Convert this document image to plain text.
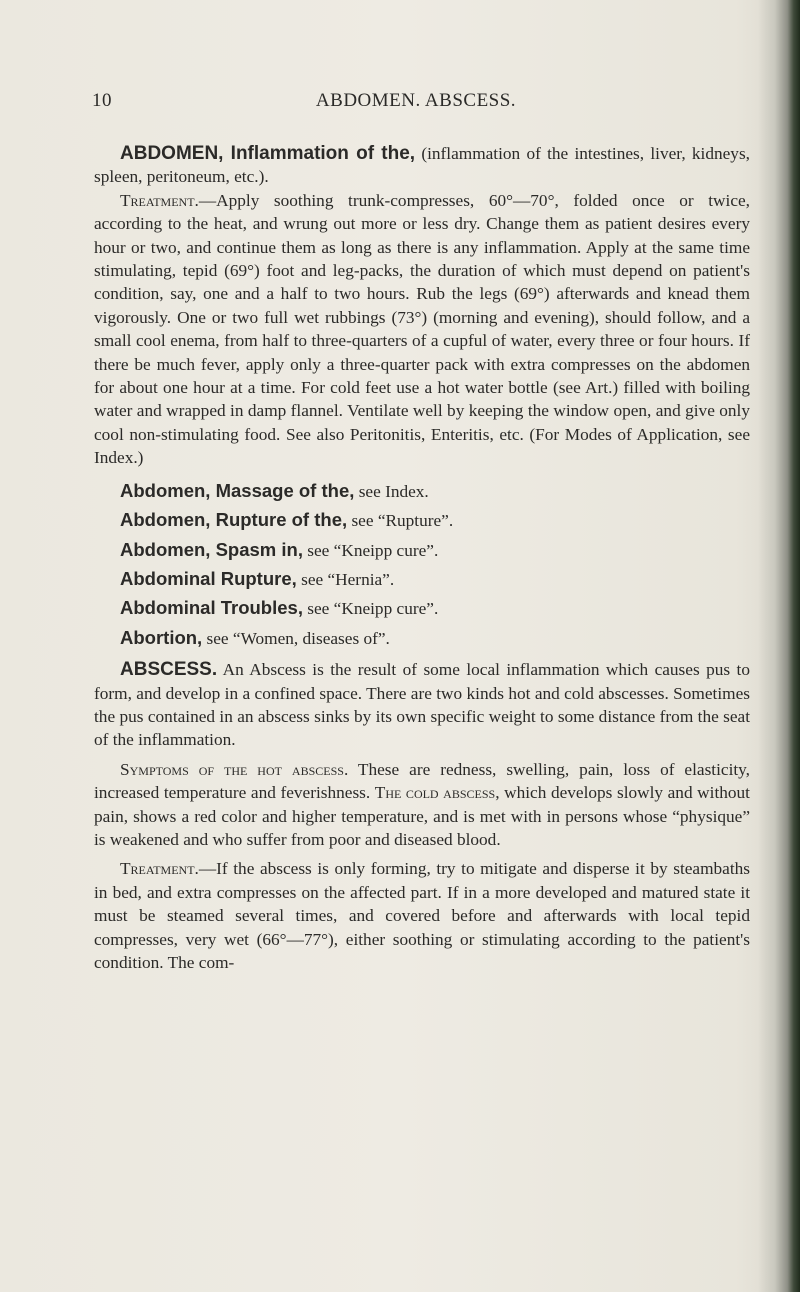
10	ABDOMEN. ABSCESS.

ABDOMEN, Inflammation of the, (inflammation of the intestines, liver, kidneys, spleen, peritoneum, etc.).

Treatment.—Apply soothing trunk-compresses, 60°—70°, folded once or twice, according to the heat, and wrung out more or less dry. Change them as patient desires every hour or two, and continue them as long as there is any inflammation. Apply at the same time stimulating, tepid (69°) foot and leg-packs, the duration of which must depend on patient's condition, say, one and a half to two hours. Rub the legs (69°) afterwards and knead them vigorously. One or two full wet rubbings (73°) (morning and evening), should follow, and a small cool enema, from half to three-quarters of a cupful of water, every three or four hours. If there be much fever, apply only a three-quarter pack with extra compresses on the abdomen for about one hour at a time. For cold feet use a hot water bottle (see Art.) filled with boiling water and wrapped in damp flannel. Ventilate well by keeping the window open, and give only cool non-stimulating food. See also Peritonitis, Enteritis, etc. (For Modes of Application, see Index.)

Abdomen, Massage of the, see Index.

Abdomen, Rupture of the, see “Rupture”.

Abdomen, Spasm in, see “Kneipp cure”.

Abdominal Rupture, see “Hernia”.

Abdominal Troubles, see “Kneipp cure”.

Abortion, see “Women, diseases of”.

ABSCESS. An Abscess is the result of some local inflammation which causes pus to form, and develop in a confined space. There are two kinds hot and cold abscesses. Sometimes the pus contained in an abscess sinks by its own specific weight to some distance from the seat of the inflammation.

Symptoms of the hot abscess. These are redness, swelling, pain, loss of elasticity, increased temperature and feverishness. The cold abscess, which develops slowly and without pain, shows a red color and higher temperature, and is met with in persons whose “physique” is weakened and who suffer from poor and diseased blood.

Treatment.—If the abscess is only forming, try to mitigate and disperse it by steambaths in bed, and extra compresses on the affected part. If in a more developed and matured state it must be steamed several times, and covered before and afterwards with local tepid compresses, very wet (66°—77°), either soothing or stimulating according to the patient's condition. The com-
